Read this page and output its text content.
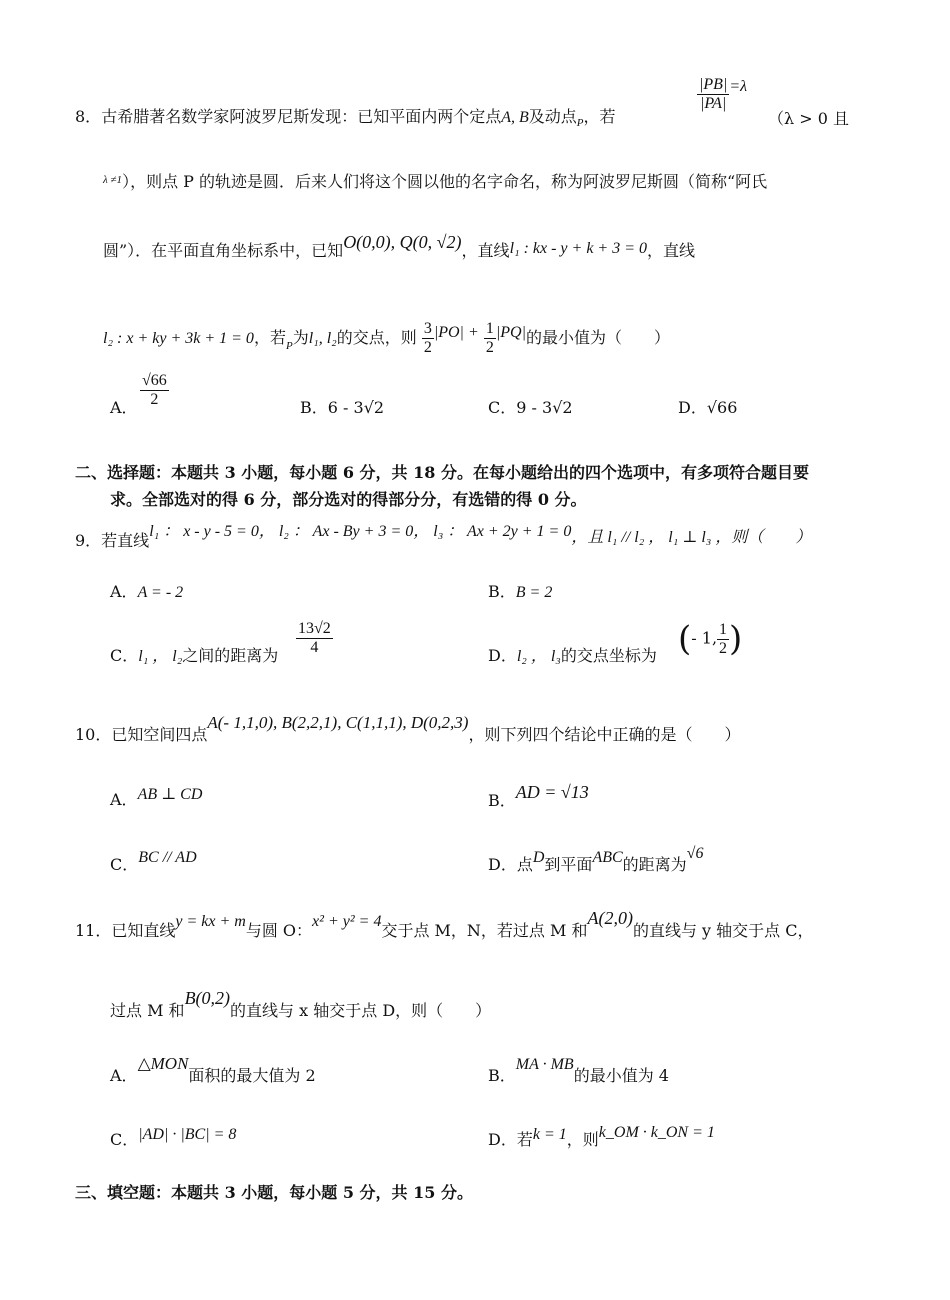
8．古希腊著名数学家阿波罗尼斯发现：已知平面内两个定点A, B及动点$_P$，若
$\frac{|PB|}{|PA|} =\lambda$
（λ > 0 且
$^{\lambda \ne 1}$），则点 P 的轨迹是圆．后来人们将这个圆以他的名字命名，称为阿波罗尼斯圆（简称“阿氏
圆”）．在平面直角坐标系中，已知O(0,0), Q(0, √2)，直线l₁ : kx - y + k + 3 = 0，直线
l₂ : x + ky + 3k + 1 = 0，若$_P$为l₁, l₂的交点，则 $\frac{3}{2} |PO| + \frac{1}{2} |PQ|$的最小值为（　　）
A． $\frac{√66}{2}$	B．6 - 3√2	C．9 - 3√2	D．√66
二、选择题：本题共 3 小题，每小题 6 分，共 18 分。在每小题给出的四个选项中，有多项符合题目要
求。全部选对的得 6 分，部分选对的得部分分，有选错的得 0 分。
9．若直线l₁ ： x - y - 5 = 0， l₂ ： Ax - By + 3 = 0， l₃ ： Ax + 2y + 1 = 0，且 l₁ // l₂ ， l₁ ⊥ l₃ ，则（　　）
A．A = - 2	B．B = 2
C．l₁ ， l₂之间的距离为 $\frac{13√2}{4}$	D．l₂ ， l₃的交点坐标为 (- 1, $\frac{1}{2}$ )
10．已知空间四点A(- 1,1,0), B(2,2,1), C(1,1,1), D(0,2,3)，则下列四个结论中正确的是（　　）
A．AB ⊥ CD	B．AD = √13
C．BC // AD	D．点D到平面ABC的距离为√6
11．已知直线y = kx + m与圆 O：x² + y² = 4交于点 M，N，若过点 M 和A(2,0)的直线与 y 轴交于点 C，
过点 M 和B(0,2)的直线与 x 轴交于点 D，则（　　）
A．△MON面积的最大值为 2	B．MA · MB的最小值为 4
C．|AD| · |BC| = 8	D．若k = 1，则k_OM · k_ON = 1
三、填空题：本题共 3 小题，每小题 5 分，共 15 分。
